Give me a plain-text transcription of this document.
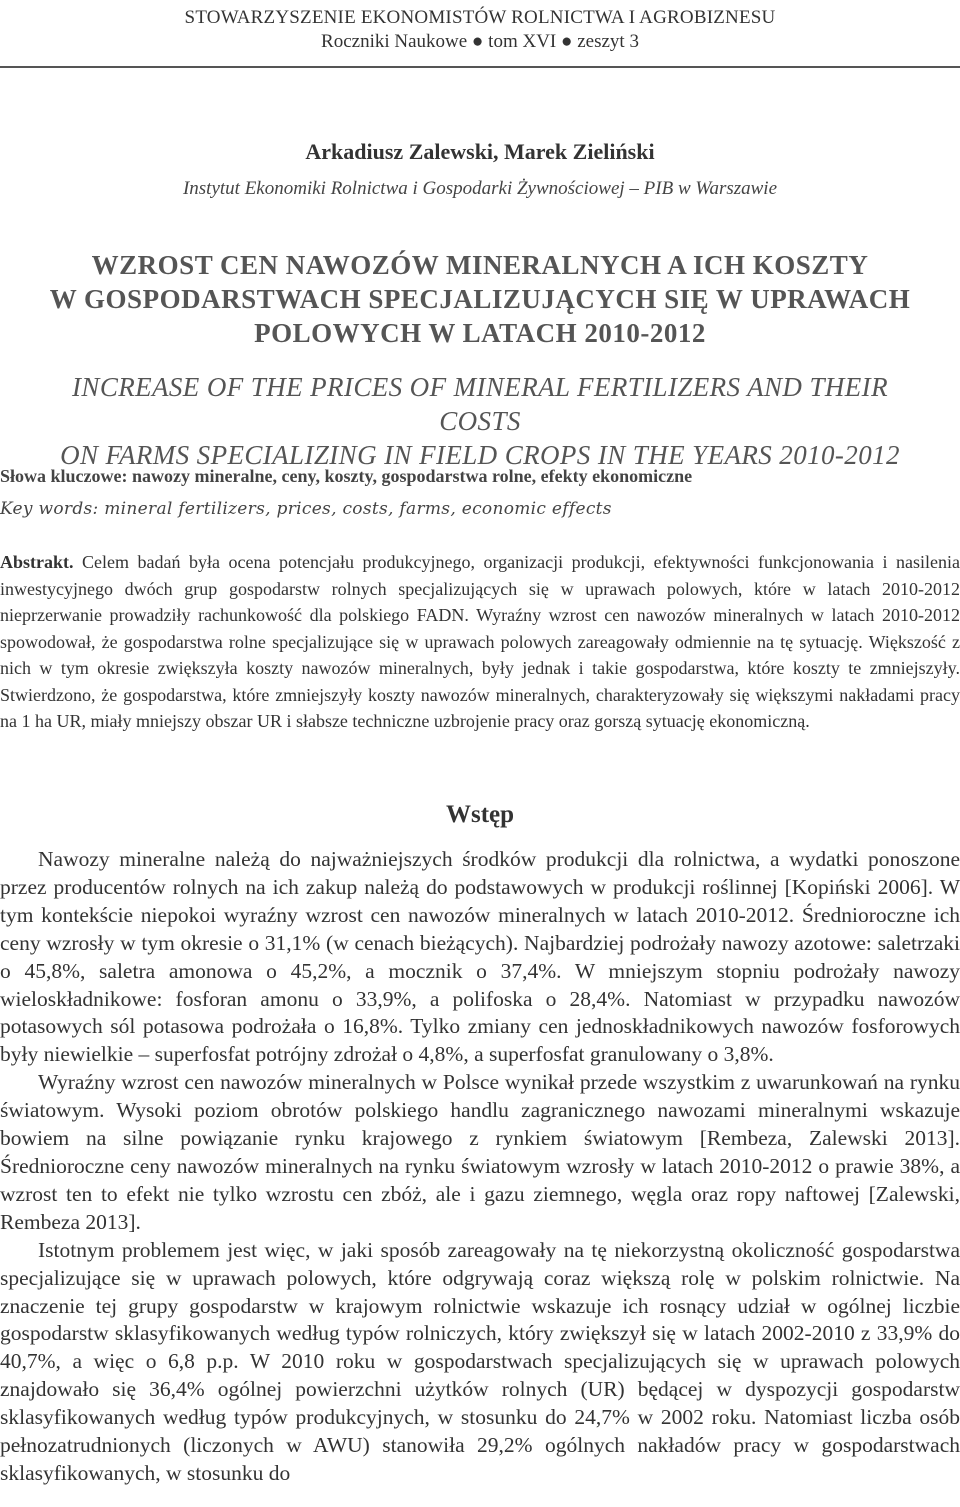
STOWARZYSZENIE EKONOMISTÓW ROLNICTWA I AGROBIZNESU
Roczniki Naukowe ● tom XVI ● zeszyt 3
Arkadiusz Zalewski, Marek Zieliński
Instytut Ekonomiki Rolnictwa i Gospodarki Żywnościowej – PIB w Warszawie
WZROST CEN NAWOZÓW MINERALNYCH A ICH KOSZTY
W GOSPODARSTWACH SPECJALIZUJĄCYCH SIĘ W UPRAWACH
POLOWYCH W LATACH 2010-2012
INCREASE OF THE PRICES OF MINERAL FERTILIZERS AND THEIR COSTS
ON FARMS SPECIALIZING IN FIELD CROPS IN THE YEARS 2010-2012
Słowa kluczowe: nawozy mineralne, ceny, koszty, gospodarstwa rolne, efekty ekonomiczne
Key words: mineral fertilizers, prices, costs, farms, economic effects
Abstrakt. Celem badań była ocena potencjału produkcyjnego, organizacji produkcji, efektywności funkcjonowania i nasilenia inwestycyjnego dwóch grup gospodarstw rolnych specjalizujących się w uprawach polowych, które w latach 2010-2012 nieprzerwanie prowadziły rachunkowość dla polskiego FADN. Wyraźny wzrost cen nawozów mineralnych w latach 2010-2012 spowodował, że gospodarstwa rolne specjalizujące się w uprawach polowych zareagowały odmiennie na tę sytuację. Większość z nich w tym okresie zwiększyła koszty nawozów mineralnych, były jednak i takie gospodarstwa, które koszty te zmniejszyły. Stwierdzono, że gospodarstwa, które zmniejszyły koszty nawozów mineralnych, charakteryzowały się większymi nakładami pracy na 1 ha UR, miały mniejszy obszar UR i słabsze techniczne uzbrojenie pracy oraz gorszą sytuację ekonomiczną.
Wstęp

Nawozy mineralne należą do najważniejszych środków produkcji dla rolnictwa, a wydatki ponoszone przez producentów rolnych na ich zakup należą do podstawowych w produkcji roślinnej [Kopiński 2006]. W tym kontekście niepokoi wyraźny wzrost cen nawozów mineralnych w latach 2010-2012. Średnioroczne ich ceny wzrosły w tym okresie o 31,1% (w cenach bieżących). Najbardziej podrożały nawozy azotowe: saletrzaki o 45,8%, saletra amonowa o 45,2%, a mocznik o 37,4%. W mniejszym stopniu podrożały nawozy wieloskładnikowe: fosforan amonu o 33,9%, a polifoska o 28,4%. Natomiast w przypadku nawozów potasowych sól potasowa podrożała o 16,8%. Tylko zmiany cen jednoskładnikowych nawozów fosforowych były niewielkie – superfosfat potrójny zdrożał o 4,8%, a superfosfat granulowany o 3,8%.

Wyraźny wzrost cen nawozów mineralnych w Polsce wynikał przede wszystkim z uwarunkowań na rynku światowym. Wysoki poziom obrotów polskiego handlu zagranicznego nawozami mineralnymi wskazuje bowiem na silne powiązanie rynku krajowego z rynkiem światowym [Rembeza, Zalewski 2013]. Średnioroczne ceny nawozów mineralnych na rynku światowym wzrosły w latach 2010-2012 o prawie 38%, a wzrost ten to efekt nie tylko wzrostu cen zbóż, ale i gazu ziemnego, węgla oraz ropy naftowej [Zalewski, Rembeza 2013].

Istotnym problemem jest więc, w jaki sposób zareagowały na tę niekorzystną okoliczność gospodarstwa specjalizujące się w uprawach polowych, które odgrywają coraz większą rolę w polskim rolnictwie. Na znaczenie tej grupy gospodarstw w krajowym rolnictwie wskazuje ich rosnący udział w ogólnej liczbie gospodarstw sklasyfikowanych według typów rolniczych, który zwiększył się w latach 2002-2010 z 33,9% do 40,7%, a więc o 6,8 p.p. W 2010 roku w gospodarstwach specjalizujących się w uprawach polowych znajdowało się 36,4% ogólnej powierzchni użytków rolnych (UR) będącej w dyspozycji gospodarstw sklasyfikowanych według typów produkcyjnych, w stosunku do 24,7% w 2002 roku. Natomiast liczba osób pełnozatrudnionych (liczonych w AWU) stanowiła 29,2% ogólnych nakładów pracy w gospodarstwach sklasyfikowanych, w stosunku do
